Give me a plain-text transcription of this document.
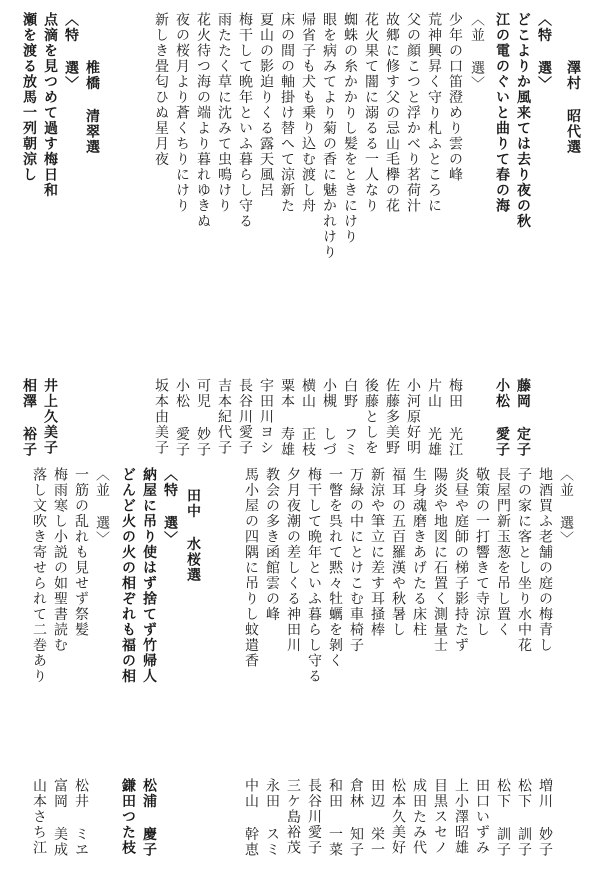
澤村 昭代選
〈特 選〉
どこよりか風来ては去り夜の秋
藤岡 定子
江の電のぐいと曲りて春の海
小松 愛子
〈並 選〉
少年の口笛澄めり雲の峰
梅田 光江
荒神興昇く守り札ふところに
片山 光雄
父の顔こつと浮かべり茗荷汁
小河原好明
故郷に修す父の忌山毛欅の花
佐藤多美野
花火果て闇に溺るる一人なり
後藤としを
蜘蛛の糸かかりし髪をときにけり
白野 フミ
眼を病みてより菊の香に魅かれけり
小槻 しづ
帰省子も犬も乗り込む渡し舟
横山 正枝
床の間の軸掛け替へて涼新た
粟本 寿雄
夏山の影迫りくる露天風呂
宇田川ヨシ
梅干して晩年といふ暮らし守る
長谷川愛子
雨たたく草に沈みて虫鳴けり
吉本紀代子
花火待つ海の端より暮れゆきぬ
可児 妙子
夜の桜月より蒼くちりにけり
小松 愛子
新しき畳匂ひぬ星月夜
坂本由美子
椎橋 清翠選
〈特 選〉
点滴を見つめて過す梅日和
井上久美子
瀬を渡る放馬一列朝涼し
相澤 裕子
〈並 選〉
地酒買ふ老舗の庭の梅青し
増川 妙子
子の家に客とし坐り水中花
松下 訓子
長屋門新玉葱を吊し置く
松下 訓子
敬策の一打響きて寺涼し
田口いずみ
炎昼や庭師の梯子影持たず
上小澤昭雄
陽炎や地図に石置く測量士
目黒スセノ
生身魂磨きあげたる床柱
成田たみ代
福耳の五百羅漢や秋暑し
松本久美好
新涼や筆立に差す耳掻棒
田辺 栄一
万緑の中にとけこむ車椅子
倉林 知子
一瞥を呉れて黙々牡蠣を剝く
和田 一菜
梅干して晩年といふ暮らし守る
長谷川愛子
夕月夜潮の差しくる神田川
三ケ島裕茂
教会の多き函館雲の峰
永田 スミ
馬小屋の四隅に吊りし蚊遣香
中山 幹恵
田中 水桜選
〈特 選〉
納屋に吊り使はず捨てず竹帰人
松浦 慶子
どんど火の火の相ぞれも福の相
鎌田つた枝
〈並 選〉
一筋の乱れも見せず祭髪
松井 ミヱ
梅雨寒し小説の如聖書読む
富岡 美成
落し文吹き寄せられて二巻あり
山本さち江
